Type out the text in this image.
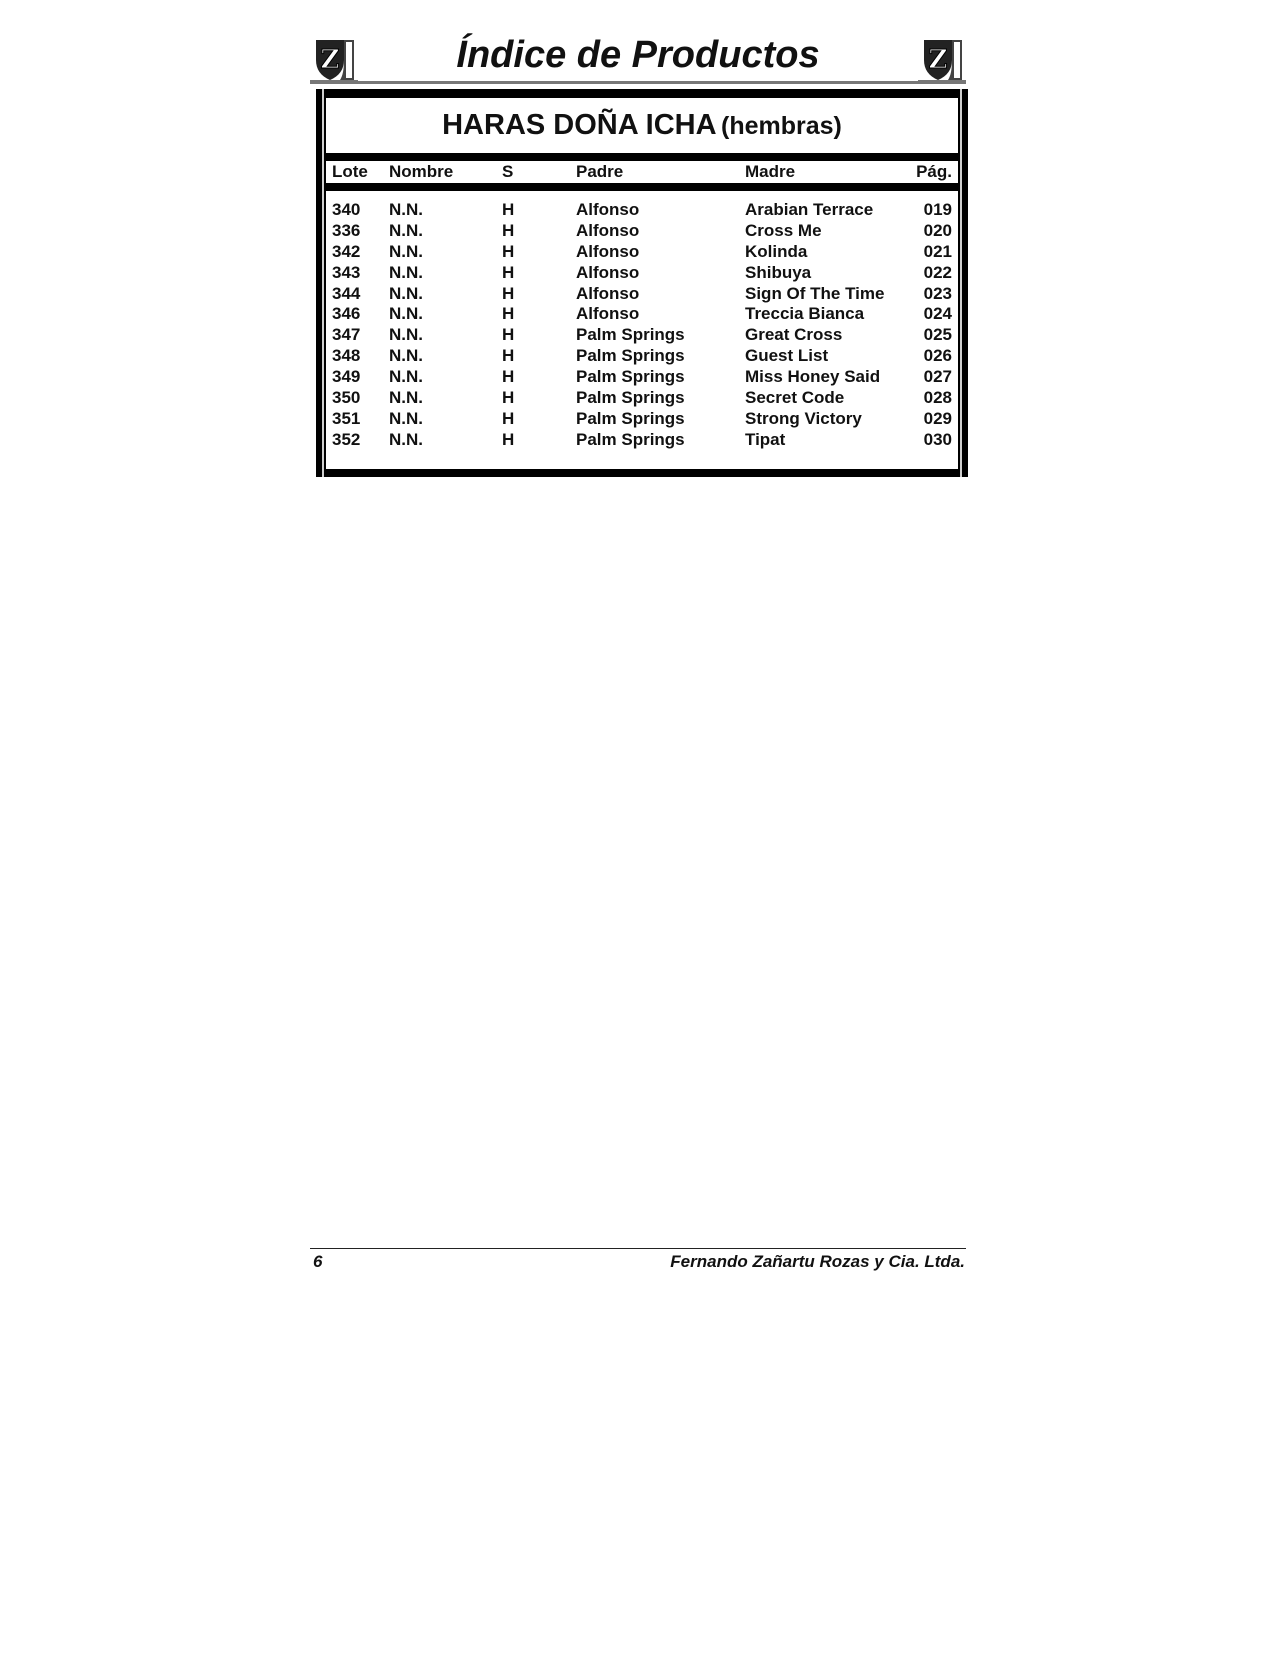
Z	Índice de Productos	Z
HARAS DOÑA ICHA (hembras)
Lote Nombre	S	Padre	Madre	Pág.
340 N.N.	H	Alfonso	Arabian Terrace	019
336 N.N.	H	Alfonso	Cross Me	020
342 N.N.	H	Alfonso	Kolinda	021
343 N.N.	H	Alfonso	Shibuya	022
344 N.N.	H	Alfonso	Sign Of The Time 023
346 N.N.	H	Alfonso	Treccia Bianca	024
347 N.N.	H	Palm Springs	Great Cross	025
348 N.N.	H	Palm Springs	Guest List	026
349 N.N.	H	Palm Springs	Miss Honey Said	027
350 N.N.	H	Palm Springs	Secret Code	028
351 N.N.	H	Palm Springs	Strong Victory	029
352 N.N.	H	Palm Springs	Tipat	030
6	Fernando Zañartu Rozas y Cia. Ltda.
